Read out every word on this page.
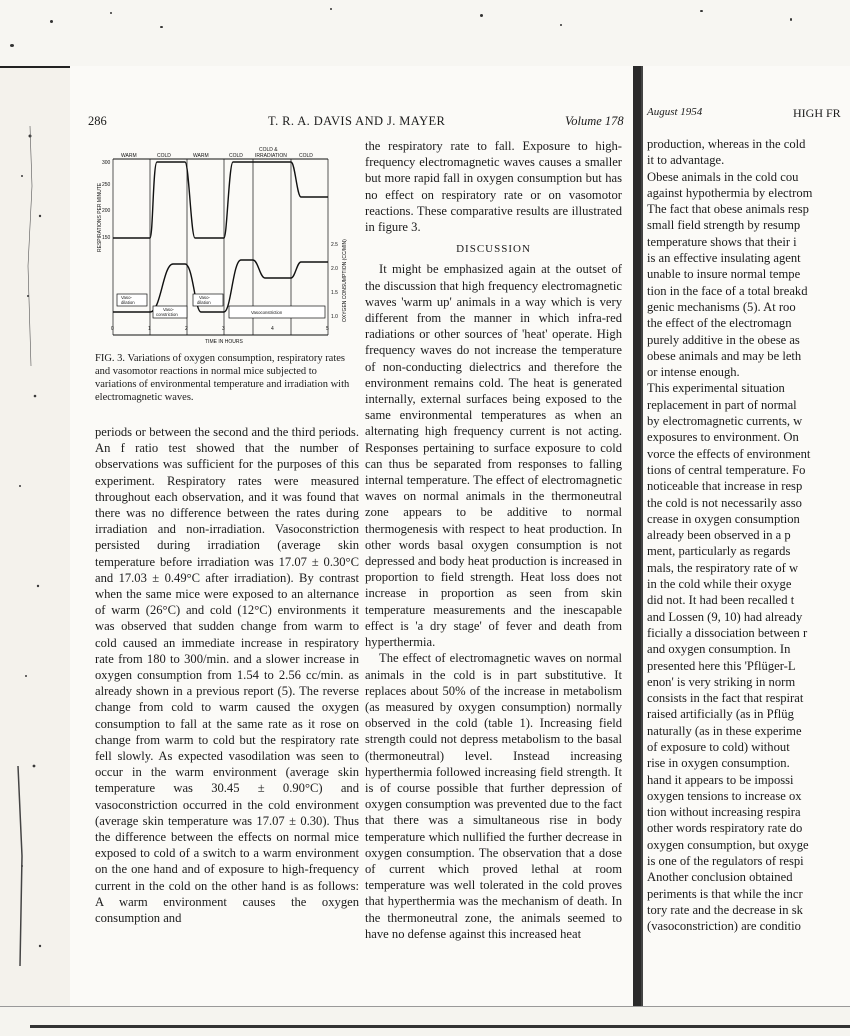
286	T. R. A. DAVIS AND J. MAYER	Volume 178
WARM	COLD	WARM	COLD
COLD &
IRRADIATION COLD
RESPIRATIONS PER MINUTE
300
250
200
150
OXYGEN CONSUMPTION (CC/MIN)
2.5
2.0
1.5
1.0
Vaso-
dilation
Vaso-
constriction
Vaso-
dilation
Vasoconstriction
0	1	2	3	4	5
TIME IN HOURS
FIG. 3. Variations of oxygen consumption, respiratory rates and vasomotor reactions in normal mice subjected to variations of environmental temperature and irradiation with electromagnetic waves.

periods or between the second and the third periods. An f ratio test showed that the number of observations was sufficient for the purposes of this experiment. Respiratory rates were measured throughout each observation, and it was found that there was no difference between the rates during irradiation and non-irradiation. Vasoconstriction persisted during irradiation (average skin temperature before irradiation was 17.07 ± 0.30°C and 17.03 ± 0.49°C after irradiation). By contrast when the same mice were exposed to an alternance of warm (26°C) and cold (12°C) environments it was observed that sudden change from warm to cold caused an immediate increase in respiratory rate from 180 to 300/min. and a slower increase in oxygen consumption from 1.54 to 2.56 cc/min. as already shown in a previous report (5). The reverse change from cold to warm caused the oxygen consumption to fall at the same rate as it rose on change from warm to cold but the respiratory rate fell slowly. As expected vasodilation was seen to occur in the warm environment (average skin temperature was 30.45 ± 0.90°C) and vasoconstriction occurred in the cold environment (average skin temperature was 17.07 ± 0.30). Thus the difference between the effects on normal mice exposed to cold of a switch to a warm environment on the one hand and of exposure to high-frequency current in the cold on the other hand is as follows: A warm environment causes the oxygen consumption and

the respiratory rate to fall. Exposure to high-frequency electromagnetic waves causes a smaller but more rapid fall in oxygen consumption but has no effect on respiratory rate or on vasomotor reactions. These comparative results are illustrated in figure 3.

DISCUSSION

It might be emphasized again at the outset of the discussion that high frequency electromagnetic waves 'warm up' animals in a way which is very different from the manner in which infra-red radiations or other sources of 'heat' operate. High frequency waves do not increase the temperature of non-conducting dielectrics and therefore the environment remains cold. The heat is generated internally, external surfaces being exposed to the same environmental temperatures as when an alternating high frequency current is not acting. Responses pertaining to surface exposure to cold can thus be separated from responses to falling internal temperature. The effect of electromagnetic waves on normal animals in the thermoneutral zone appears to be additive to normal thermogenesis with respect to heat production. In other words basal oxygen consumption is not depressed and body heat production is increased in proportion to field strength. Heat loss does not increase in proportion as seen from skin temperature measurements and the inescapable effect is 'a dry stage' of fever and death from hyperthermia.

The effect of electromagnetic waves on normal animals in the cold is in part substitutive. It replaces about 50% of the increase in metabolism (as measured by oxygen consumption) normally observed in the cold (table 1). Increasing field strength could not depress metabolism to the basal (thermoneutral) level. Instead increasing hyperthermia followed increasing field strength. It is of course possible that further depression of oxygen consumption was prevented due to the fact that there was a simultaneous rise in body temperature which nullified the further decrease in oxygen consumption. The observation that a dose of current which proved lethal at room temperature was well tolerated in the cold proves that hyperthermia was the mechanism of death. In the thermoneutral zone, the animals seemed to have no defense against this increased heat

August 1954	HIGH FR

production, whereas in the cold

it to advantage.

Obese animals in the cold cou

against hypothermia by electrom

The fact that obese animals resp

small field strength by resump

temperature shows that their i

is an effective insulating agent

unable to insure normal tempe

tion in the face of a total breakd

genic mechanisms (5). At roo

the effect of the electromagn

purely additive in the obese as

obese animals and may be leth

or intense enough.

This experimental situation

replacement in part of normal

by electromagnetic currents, w

exposures to environment. On

vorce the effects of environment

tions of central temperature. Fo

noticeable that increase in resp

the cold is not necessarily asso

crease in oxygen consumption

already been observed in a p

ment, particularly as regards

mals, the respiratory rate of w

in the cold while their oxyge

did not. It had been recalled t

and Lossen (9, 10) had already

ficially a dissociation between r

and oxygen consumption. In

presented here this 'Pflüger-L

enon' is very striking in norm

consists in the fact that respirat

raised artificially (as in Pflüg

naturally (as in these experime

of exposure to cold) without

rise in oxygen consumption.

hand it appears to be impossi

oxygen tensions to increase ox

tion without increasing respira

other words respiratory rate do

oxygen consumption, but oxyge

is one of the regulators of respi

Another conclusion obtained

periments is that while the incr

tory rate and the decrease in sk

(vasoconstriction) are conditio
